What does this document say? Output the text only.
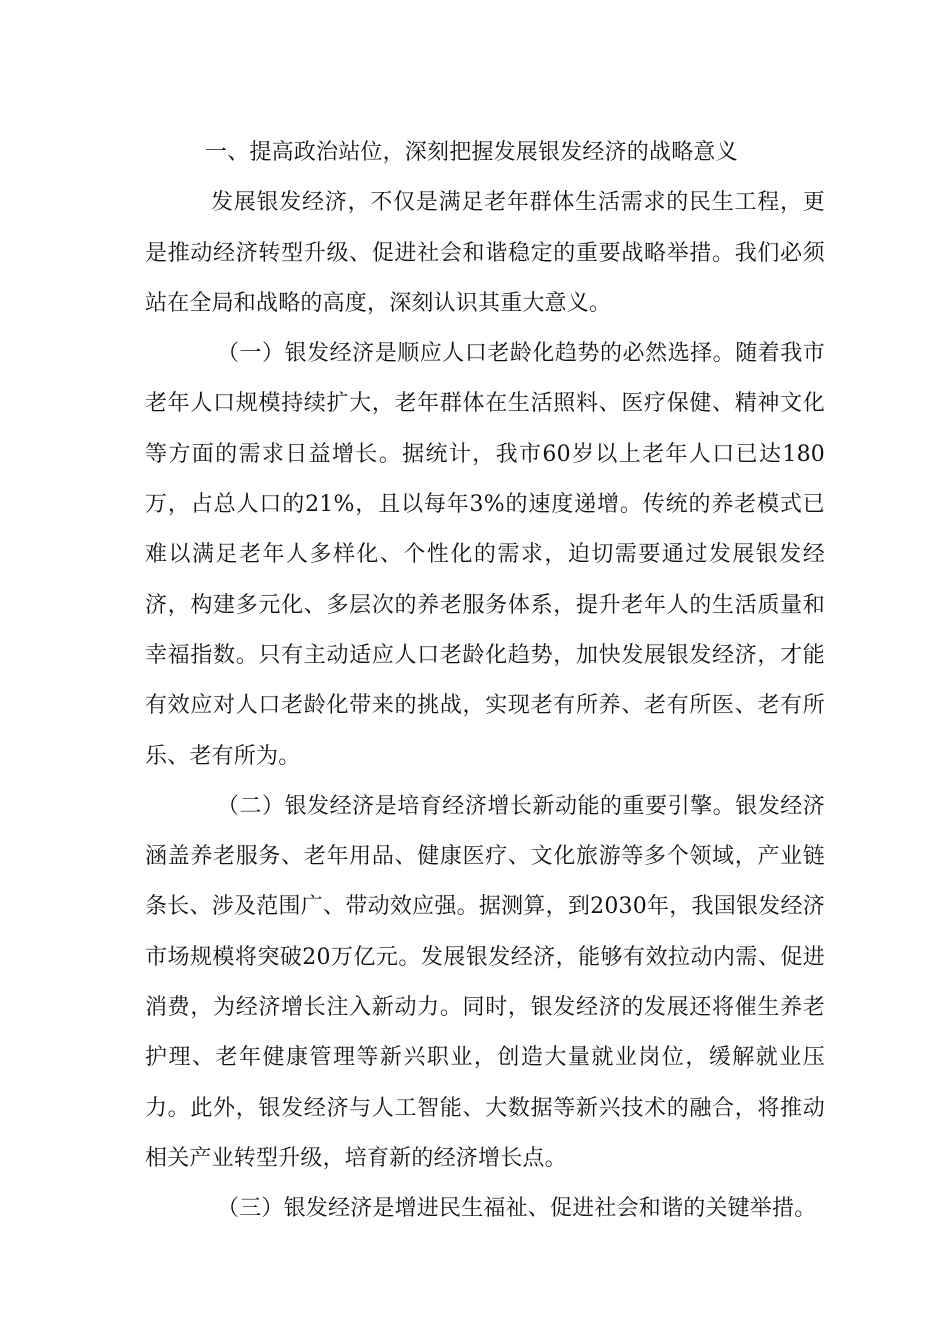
一、提高政治站位，深刻把握发展银发经济的战略意义

发展银发经济，不仅是满足老年群体生活需求的民生工程，更是推动经济转型升级、促进社会和谐稳定的重要战略举措。我们必须站在全局和战略的高度，深刻认识其重大意义。

（一）银发经济是顺应人口老龄化趋势的必然选择。随着我市老年人口规模持续扩大，老年群体在生活照料、医疗保健、精神文化等方面的需求日益增长。据统计，我市60岁以上老年人口已达180万，占总人口的21%，且以每年3%的速度递增。传统的养老模式已难以满足老年人多样化、个性化的需求，迫切需要通过发展银发经济，构建多元化、多层次的养老服务体系，提升老年人的生活质量和幸福指数。只有主动适应人口老龄化趋势，加快发展银发经济，才能有效应对人口老龄化带来的挑战，实现老有所养、老有所医、老有所乐、老有所为。

（二）银发经济是培育经济增长新动能的重要引擎。银发经济涵盖养老服务、老年用品、健康医疗、文化旅游等多个领域，产业链条长、涉及范围广、带动效应强。据测算，到2030年，我国银发经济市场规模将突破20万亿元。发展银发经济，能够有效拉动内需、促进消费，为经济增长注入新动力。同时，银发经济的发展还将催生养老护理、老年健康管理等新兴职业，创造大量就业岗位，缓解就业压力。此外，银发经济与人工智能、大数据等新兴技术的融合，将推动相关产业转型升级，培育新的经济增长点。

（三）银发经济是增进民生福祉、促进社会和谐的关键举措。
